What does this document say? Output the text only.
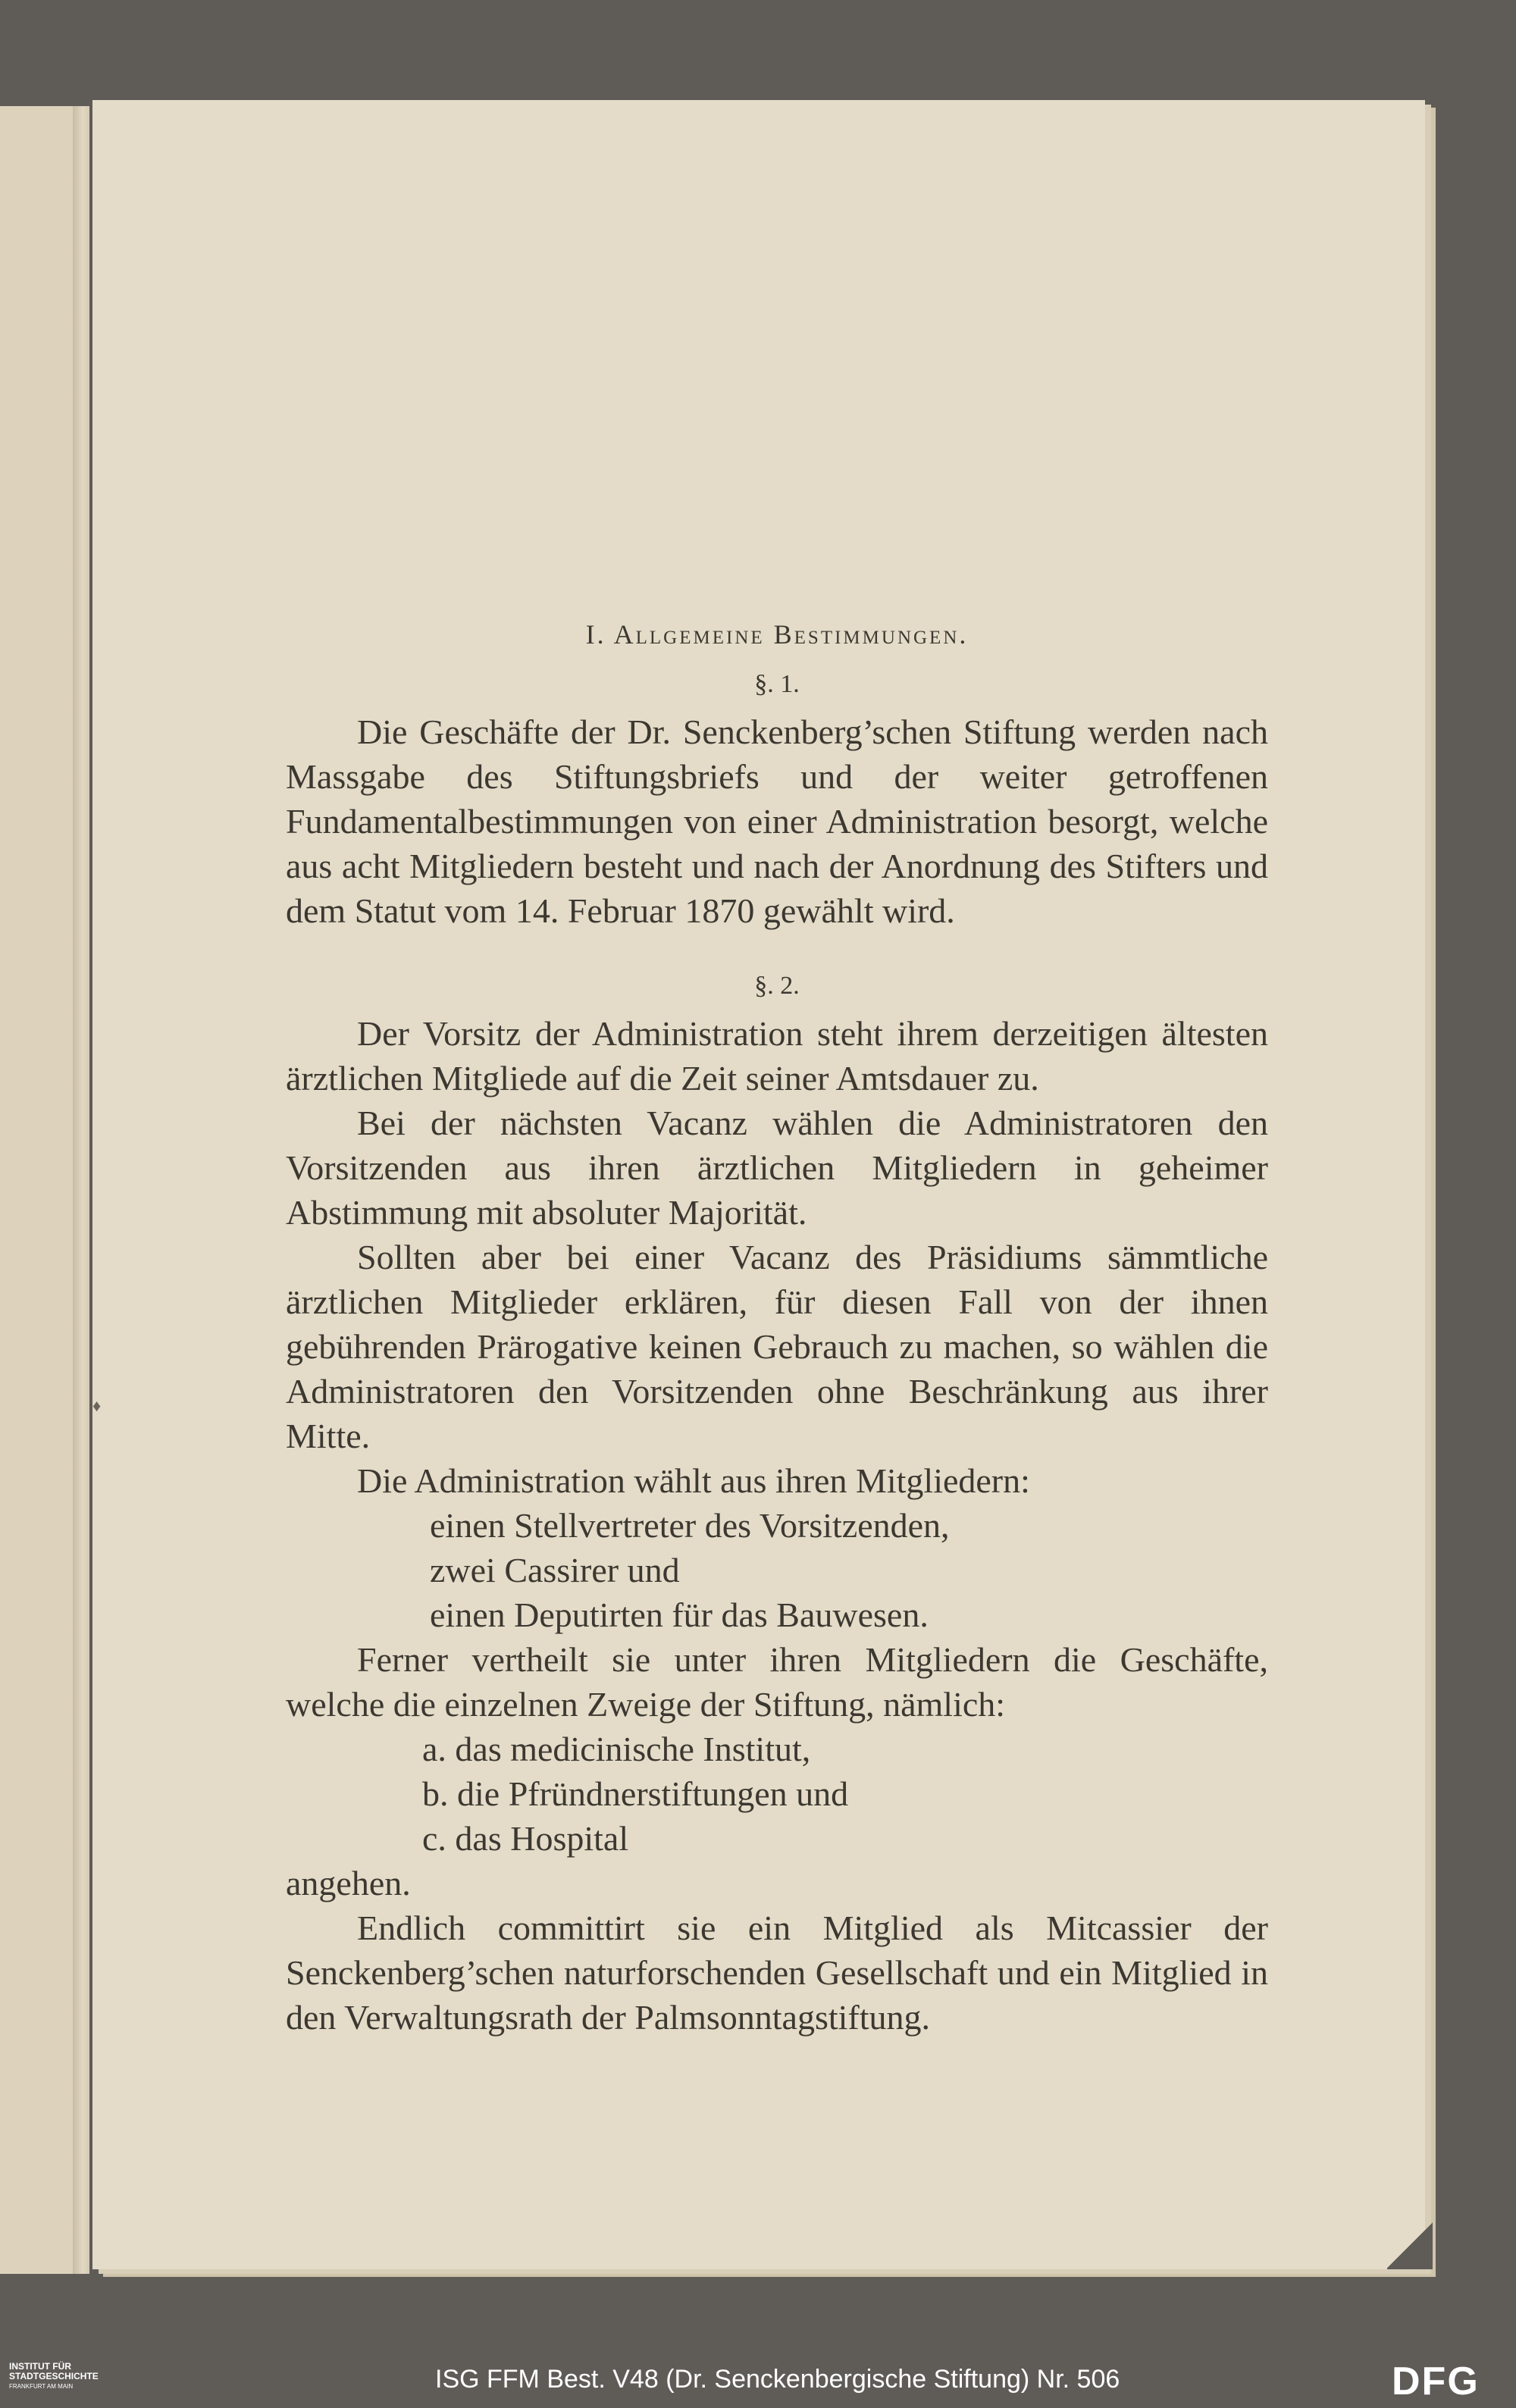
I. Allgemeine Bestimmungen.

§. 1.

Die Geschäfte der Dr. Senckenberg’schen Stiftung werden nach Massgabe des Stiftungsbriefs und der weiter getroffenen Fundamentalbestimmungen von einer Administration besorgt, welche aus acht Mitgliedern besteht und nach der Anordnung des Stifters und dem Statut vom 14. Februar 1870 gewählt wird.

§. 2.

Der Vorsitz der Administration steht ihrem derzeitigen ältesten ärztlichen Mitgliede auf die Zeit seiner Amtsdauer zu.

Bei der nächsten Vacanz wählen die Administratoren den Vorsitzenden aus ihren ärztlichen Mitgliedern in geheimer Abstimmung mit absoluter Majorität.

Sollten aber bei einer Vacanz des Präsidiums sämmtliche ärztlichen Mitglieder erklären, für diesen Fall von der ihnen gebührenden Prärogative keinen Gebrauch zu machen, so wählen die Administratoren den Vorsitzenden ohne Beschränkung aus ihrer Mitte.

Die Administration wählt aus ihren Mitgliedern:

einen Stellvertreter des Vorsitzenden,

zwei Cassirer und

einen Deputirten für das Bauwesen.

Ferner vertheilt sie unter ihren Mitgliedern die Geschäfte, welche die einzelnen Zweige der Stiftung, nämlich:

a. das medicinische Institut,

b. die Pfründnerstiftungen und

c. das Hospital

angehen.

Endlich committirt sie ein Mitglied als Mitcassier der Senckenberg’schen naturforschenden Gesellschaft und ein Mitglied in den Verwaltungsrath der Palmsonntagstiftung.

♦
INSTITUT FÜR
STADTGESCHICHTE
FRANKFURT AM MAIN	ISG FFM Best. V48 (Dr. Senckenbergische Stiftung) Nr. 506	DFG
